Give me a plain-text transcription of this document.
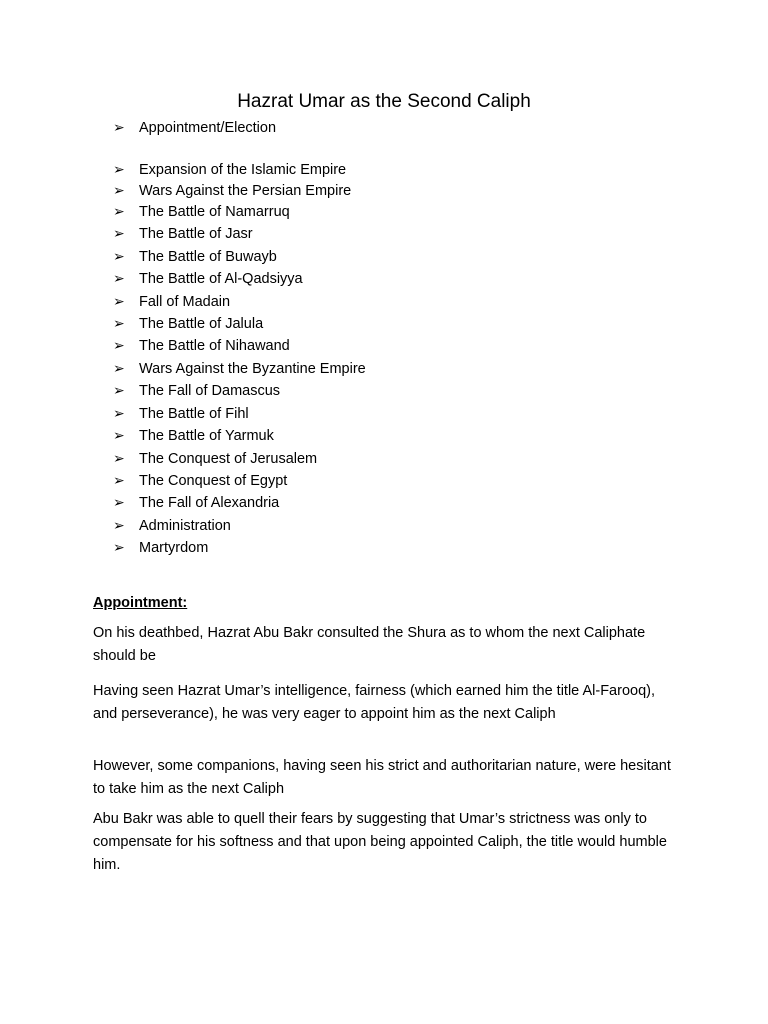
Hazrat Umar as the Second Caliph
➢ Appointment/Election
➢ Expansion of the Islamic Empire
➢ Wars Against the Persian Empire
➢ The Battle of Namarruq
➢ The Battle of Jasr
➢ The Battle of Buwayb
➢ The Battle of Al-Qadsiyya
➢ Fall of Madain
➢ The Battle of Jalula
➢ The Battle of Nihawand
➢ Wars Against the Byzantine Empire
➢ The Fall of Damascus
➢ The Battle of Fihl
➢ The Battle of Yarmuk
➢ The Conquest of Jerusalem
➢ The Conquest of Egypt
➢ The Fall of Alexandria
➢ Administration
➢ Martyrdom
Appointment:

On his deathbed, Hazrat Abu Bakr consulted the Shura as to whom the next Caliphate should be

Having seen Hazrat Umar’s intelligence, fairness (which earned him the title Al-Farooq), and perseverance), he was very eager to appoint him as the next Caliph

However, some companions, having seen his strict and authoritarian nature, were hesitant to take him as the next Caliph

Abu Bakr was able to quell their fears by suggesting that Umar’s strictness was only to compensate for his softness and that upon being appointed Caliph, the title would humble him.
